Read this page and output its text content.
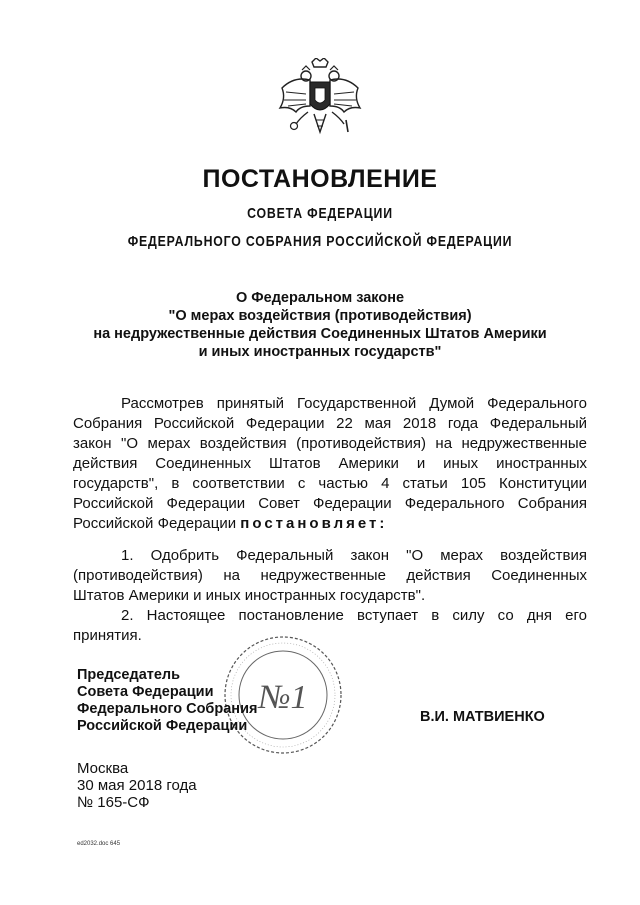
ПОСТАНОВЛЕНИЕ
СОВЕТА ФЕДЕРАЦИИ
ФЕДЕРАЛЬНОГО СОБРАНИЯ РОССИЙСКОЙ ФЕДЕРАЦИИ
О Федеральном законе
"О мерах воздействия (противодействия)
на недружественные действия Соединенных Штатов Америки
и иных иностранных государств"
Рассмотрев принятый Государственной Думой Федерального
Собрания Российской Федерации 22 мая 2018 года Федеральный
закон "О мерах воздействия (противодействия) на недружественные
действия Соединенных Штатов Америки и иных иностранных
государств", в соответствии с частью 4 статьи 105 Конституции
Российской Федерации Совет Федерации Федерального Собрания
Российской Федерации постановляет:
1. Одобрить Федеральный закон "О мерах воздействия
(противодействия) на недружественные действия Соединенных
Штатов Америки и иных иностранных государств".
2. Настоящее постановление вступает в силу со дня его
принятия.
№1
Председатель
Совета Федерации
Федерального Собрания
Российской Федерации
В.И. МАТВИЕНКО
Москва
30 мая 2018 года
№ 165-СФ
ed2032.doc 645
